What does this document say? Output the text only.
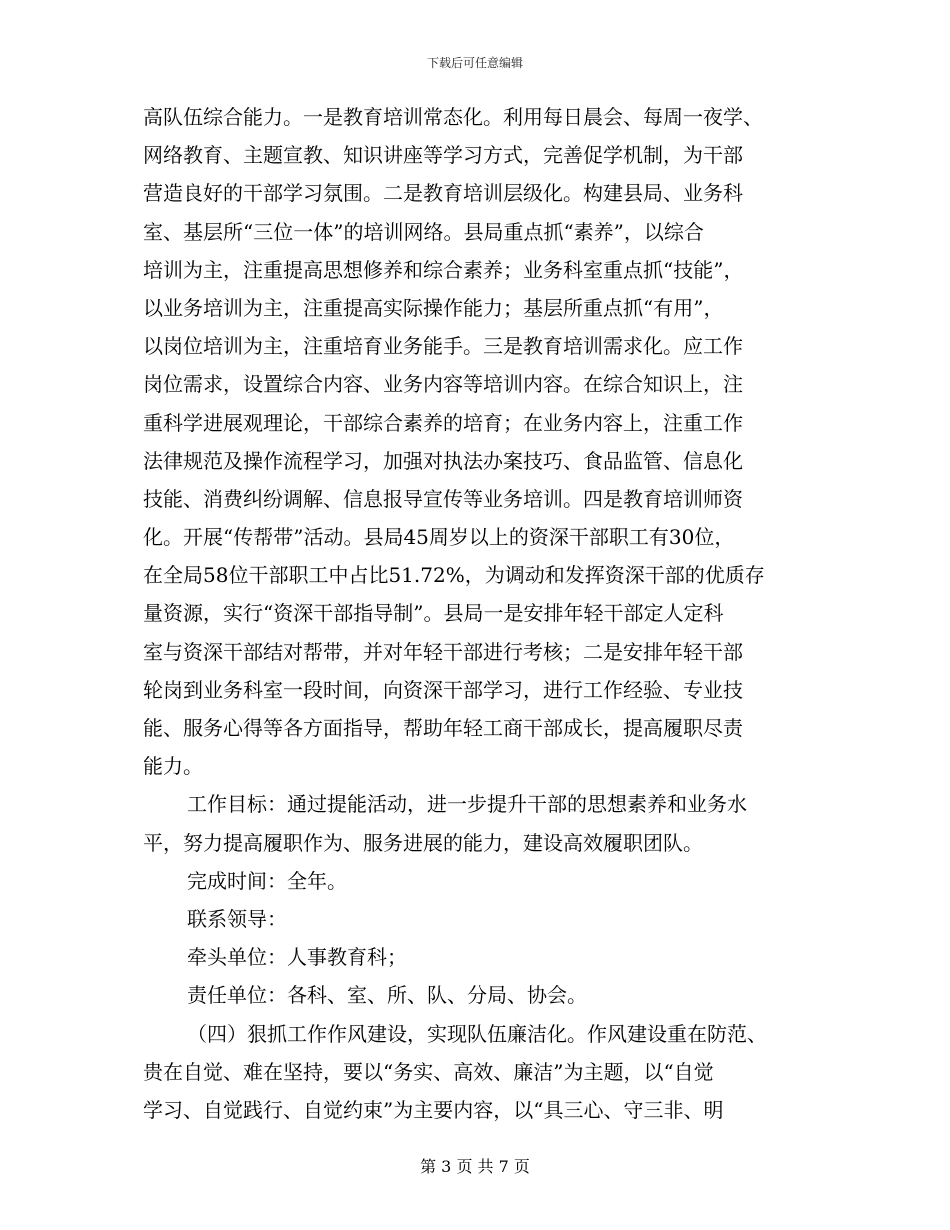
下载后可任意编辑
高队伍综合能力。一是教育培训常态化。利用每日晨会、每周一夜学、
网络教育、主题宣教、知识讲座等学习方式，完善促学机制，为干部
营造良好的干部学习氛围。二是教育培训层级化。构建县局、业务科
室、基层所“三位一体”的培训网络。县局重点抓“素养”，以综合
培训为主，注重提高思想修养和综合素养；业务科室重点抓“技能”，
以业务培训为主，注重提高实际操作能力；基层所重点抓“有用”，
以岗位培训为主，注重培育业务能手。三是教育培训需求化。应工作
岗位需求，设置综合内容、业务内容等培训内容。在综合知识上，注
重科学进展观理论，干部综合素养的培育；在业务内容上，注重工作
法律规范及操作流程学习，加强对执法办案技巧、食品监管、信息化
技能、消费纠纷调解、信息报导宣传等业务培训。四是教育培训师资
化。开展“传帮带”活动。县局45周岁以上的资深干部职工有30位，
在全局58位干部职工中占比51.72%，为调动和发挥资深干部的优质存
量资源，实行“资深干部指导制”。县局一是安排年轻干部定人定科
室与资深干部结对帮带，并对年轻干部进行考核；二是安排年轻干部
轮岗到业务科室一段时间，向资深干部学习，进行工作经验、专业技
能、服务心得等各方面指导，帮助年轻工商干部成长，提高履职尽责
能力。
工作目标：通过提能活动，进一步提升干部的思想素养和业务水
平，努力提高履职作为、服务进展的能力，建设高效履职团队。
完成时间：全年。
联系领导：
牵头单位：人事教育科；
责任单位：各科、室、所、队、分局、协会。
（四）狠抓工作作风建设，实现队伍廉洁化。作风建设重在防范、
贵在自觉、难在坚持，要以“务实、高效、廉洁”为主题，以“自觉
学习、自觉践行、自觉约束”为主要内容，以“具三心、守三非、明
第 3 页 共 7 页
